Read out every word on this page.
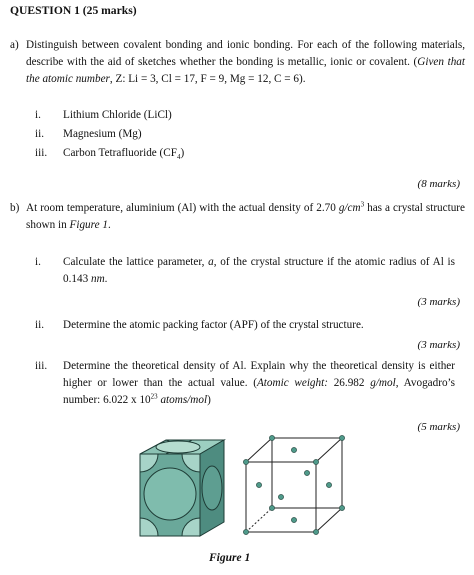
QUESTION 1 (25 marks)
a) Distinguish between covalent bonding and ionic bonding. For each of the following materials, describe with the aid of sketches whether the bonding is metallic, ionic or covalent. (Given that the atomic number, Z: Li = 3, Cl = 17, F = 9, Mg = 12, C = 6).
i.	Lithium Chloride (LiCl)
ii.	Magnesium (Mg)
iii.	Carbon Tetrafluoride $(CF_4)$
(8 marks)
b) At room temperature, aluminium (Al) with the actual density of 2.70 $g/cm^3$ has a crystal structure shown in Figure 1.
i.	Calculate the lattice parameter, a, of the crystal structure if the atomic radius of Al is 0.143 nm.
(3 marks)
ii.	Determine the atomic packing factor (APF) of the crystal structure.
(3 marks)
iii.	Determine the theoretical density of Al. Explain why the theoretical density is either higher or lower than the actual value. (Atomic weight: 26.982 g/mol, Avogadro’s number: 6.022 x $10^{23}$ atoms/mol)
(5 marks)
Figure 1
